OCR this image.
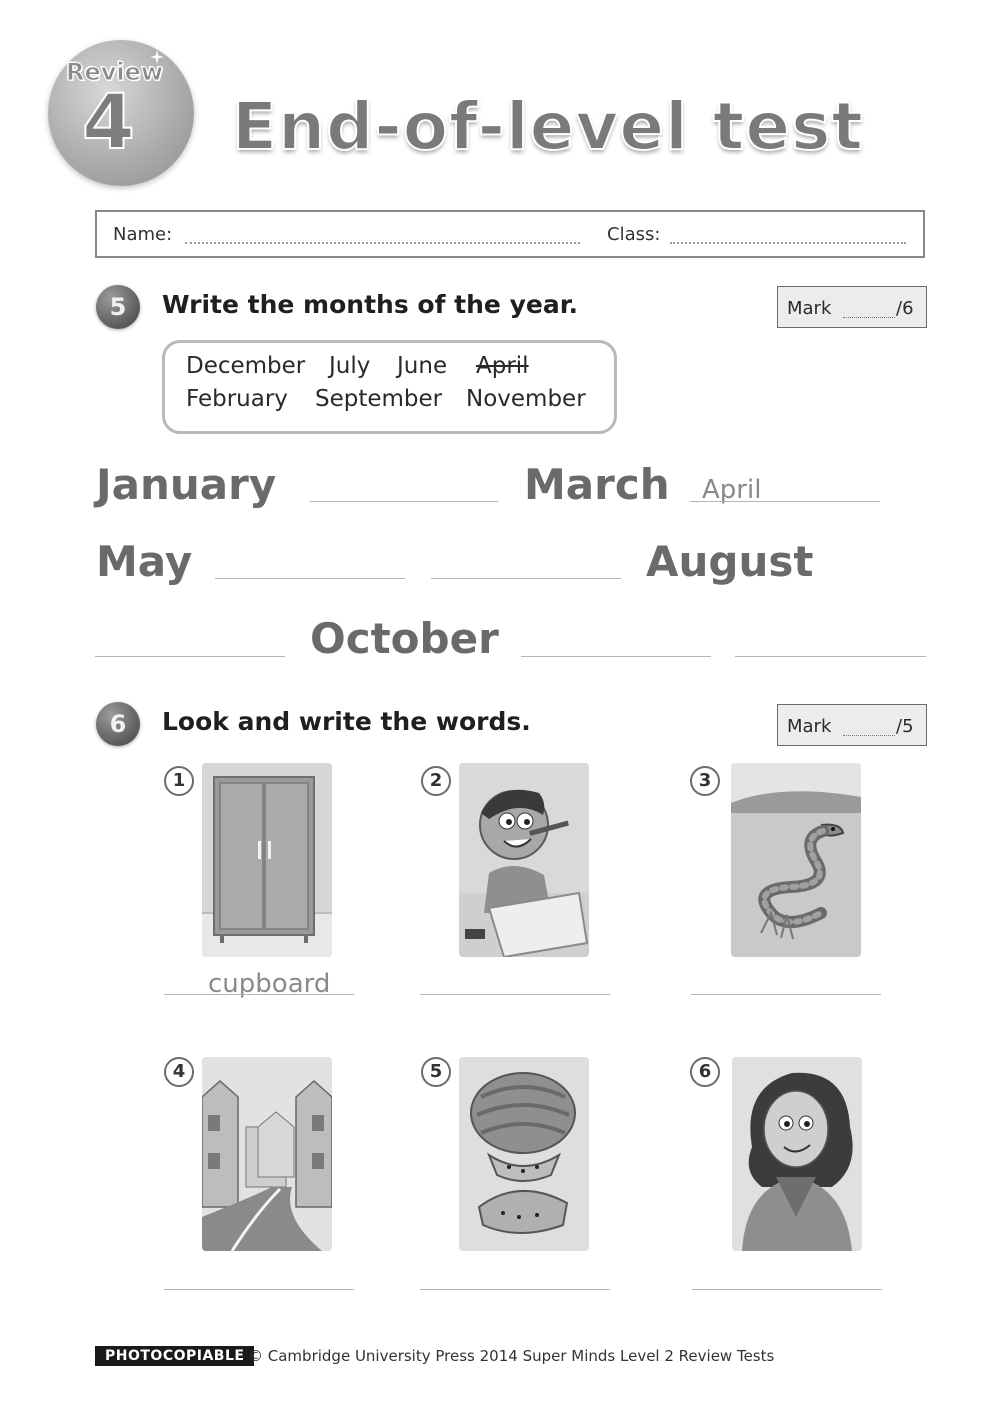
Review
4 End-of-level test
Name:	Class:
5	Write the months of the year.	Mark	/6
December July June April
February September November
January	March April
May	August
October
6	Look and write the words.	Mark	/5
1
cupboard
2	3
4	5	6
PHOTOCOPIABLE © Cambridge University Press 2014 Super Minds Level 2 Review Tests
